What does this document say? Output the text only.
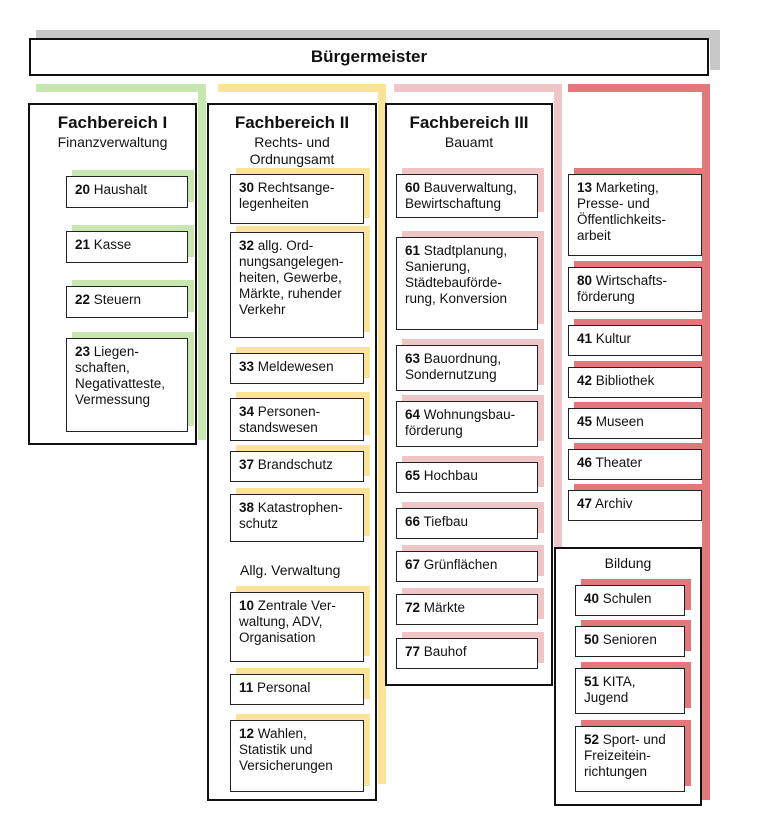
Bürgermeister
Fachbereich I
Finanzverwaltung
20 Haushalt
21 Kasse
22 Steuern
23 Liegen-
schaften,
Negativatteste,
Vermessung
Fachbereich II
Rechts- und
Ordnungsamt
Allg. Verwaltung
30 Rechtsange-
legenheiten
32 allg. Ord-
nungsangelegen-
heiten, Gewerbe,
Märkte, ruhender
Verkehr
33 Meldewesen
34 Personen-
standswesen
37 Brandschutz
38 Katastrophen-
schutz
10 Zentrale Ver-
waltung, ADV,
Organisation
11 Personal
12 Wahlen,
Statistik und
Versicherungen
Fachbereich III
Bauamt
60 Bauverwaltung,
Bewirtschaftung
61 Stadtplanung,
Sanierung,
Städtebauförde-
rung, Konversion
63 Bauordnung,
Sondernutzung
64 Wohnungsbau-
förderung
65 Hochbau
66 Tiefbau
67 Grünflächen
72 Märkte
77 Bauhof
13 Marketing,
Presse- und
Öffentlichkeits-
arbeit
80 Wirtschafts-
förderung
41 Kultur
42 Bibliothek
45 Museen
46 Theater
47 Archiv
Bildung
40 Schulen
50 Senioren
51 KITA,
Jugend
52 Sport- und
Freizeitein-
richtungen
